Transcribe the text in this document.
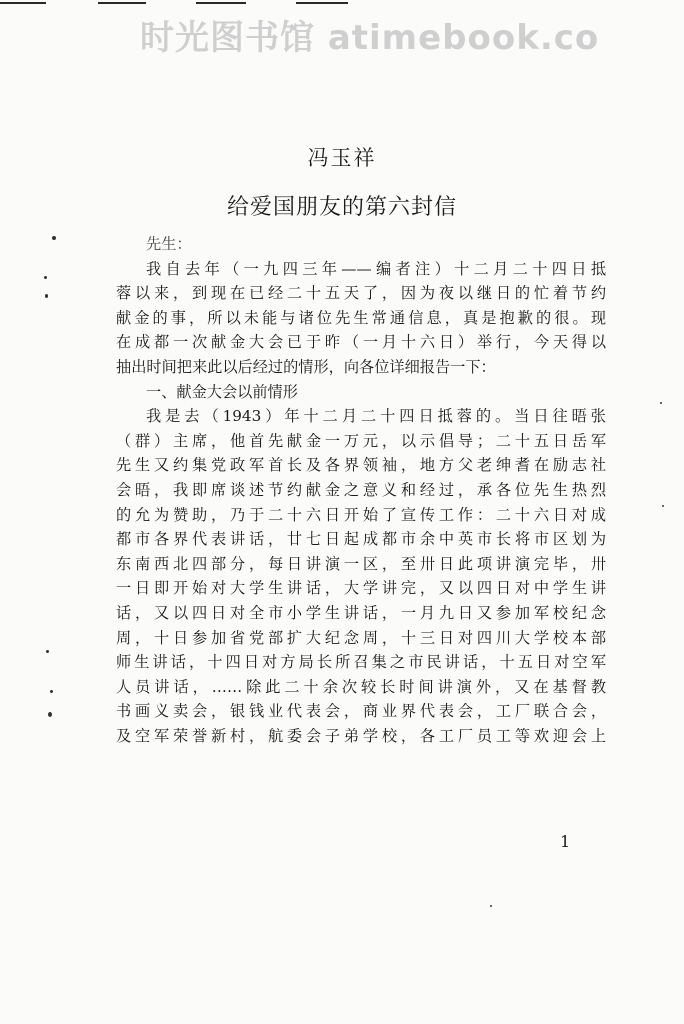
时光图书馆 atimebook.co
冯玉祥
给爱国朋友的第六封信
先生：
我自去年（一九四三年——编者注）十二月二十四日抵
蓉以来，到现在已经二十五天了，因为夜以继日的忙着节约
献金的事，所以未能与诸位先生常通信息，真是抱歉的很。现
在成都一次献金大会已于昨（一月十六日）举行，今天得以
抽出时间把来此以后经过的情形，向各位详细报告一下：
一、献金大会以前情形
我是去（1943）年十二月二十四日抵蓉的。当日往晤张
（群）主席，他首先献金一万元，以示倡导；二十五日岳军
先生又约集党政军首长及各界领袖，地方父老绅耆在励志社
会晤，我即席谈述节约献金之意义和经过，承各位先生热烈
的允为赞助，乃于二十六日开始了宣传工作：二十六日对成
都市各界代表讲话，廿七日起成都市余中英市长将市区划为
东南西北四部分，每日讲演一区，至卅日此项讲演完毕，卅
一日即开始对大学生讲话，大学讲完，又以四日对中学生讲
话，又以四日对全市小学生讲话，一月九日又参加军校纪念
周，十日参加省党部扩大纪念周，十三日对四川大学校本部
师生讲话，十四日对方局长所召集之市民讲话，十五日对空军
人员讲话，……除此二十余次较长时间讲演外，又在基督教
书画义卖会，银钱业代表会，商业界代表会，工厂联合会，
及空军荣誉新村，航委会子弟学校，各工厂员工等欢迎会上
1
